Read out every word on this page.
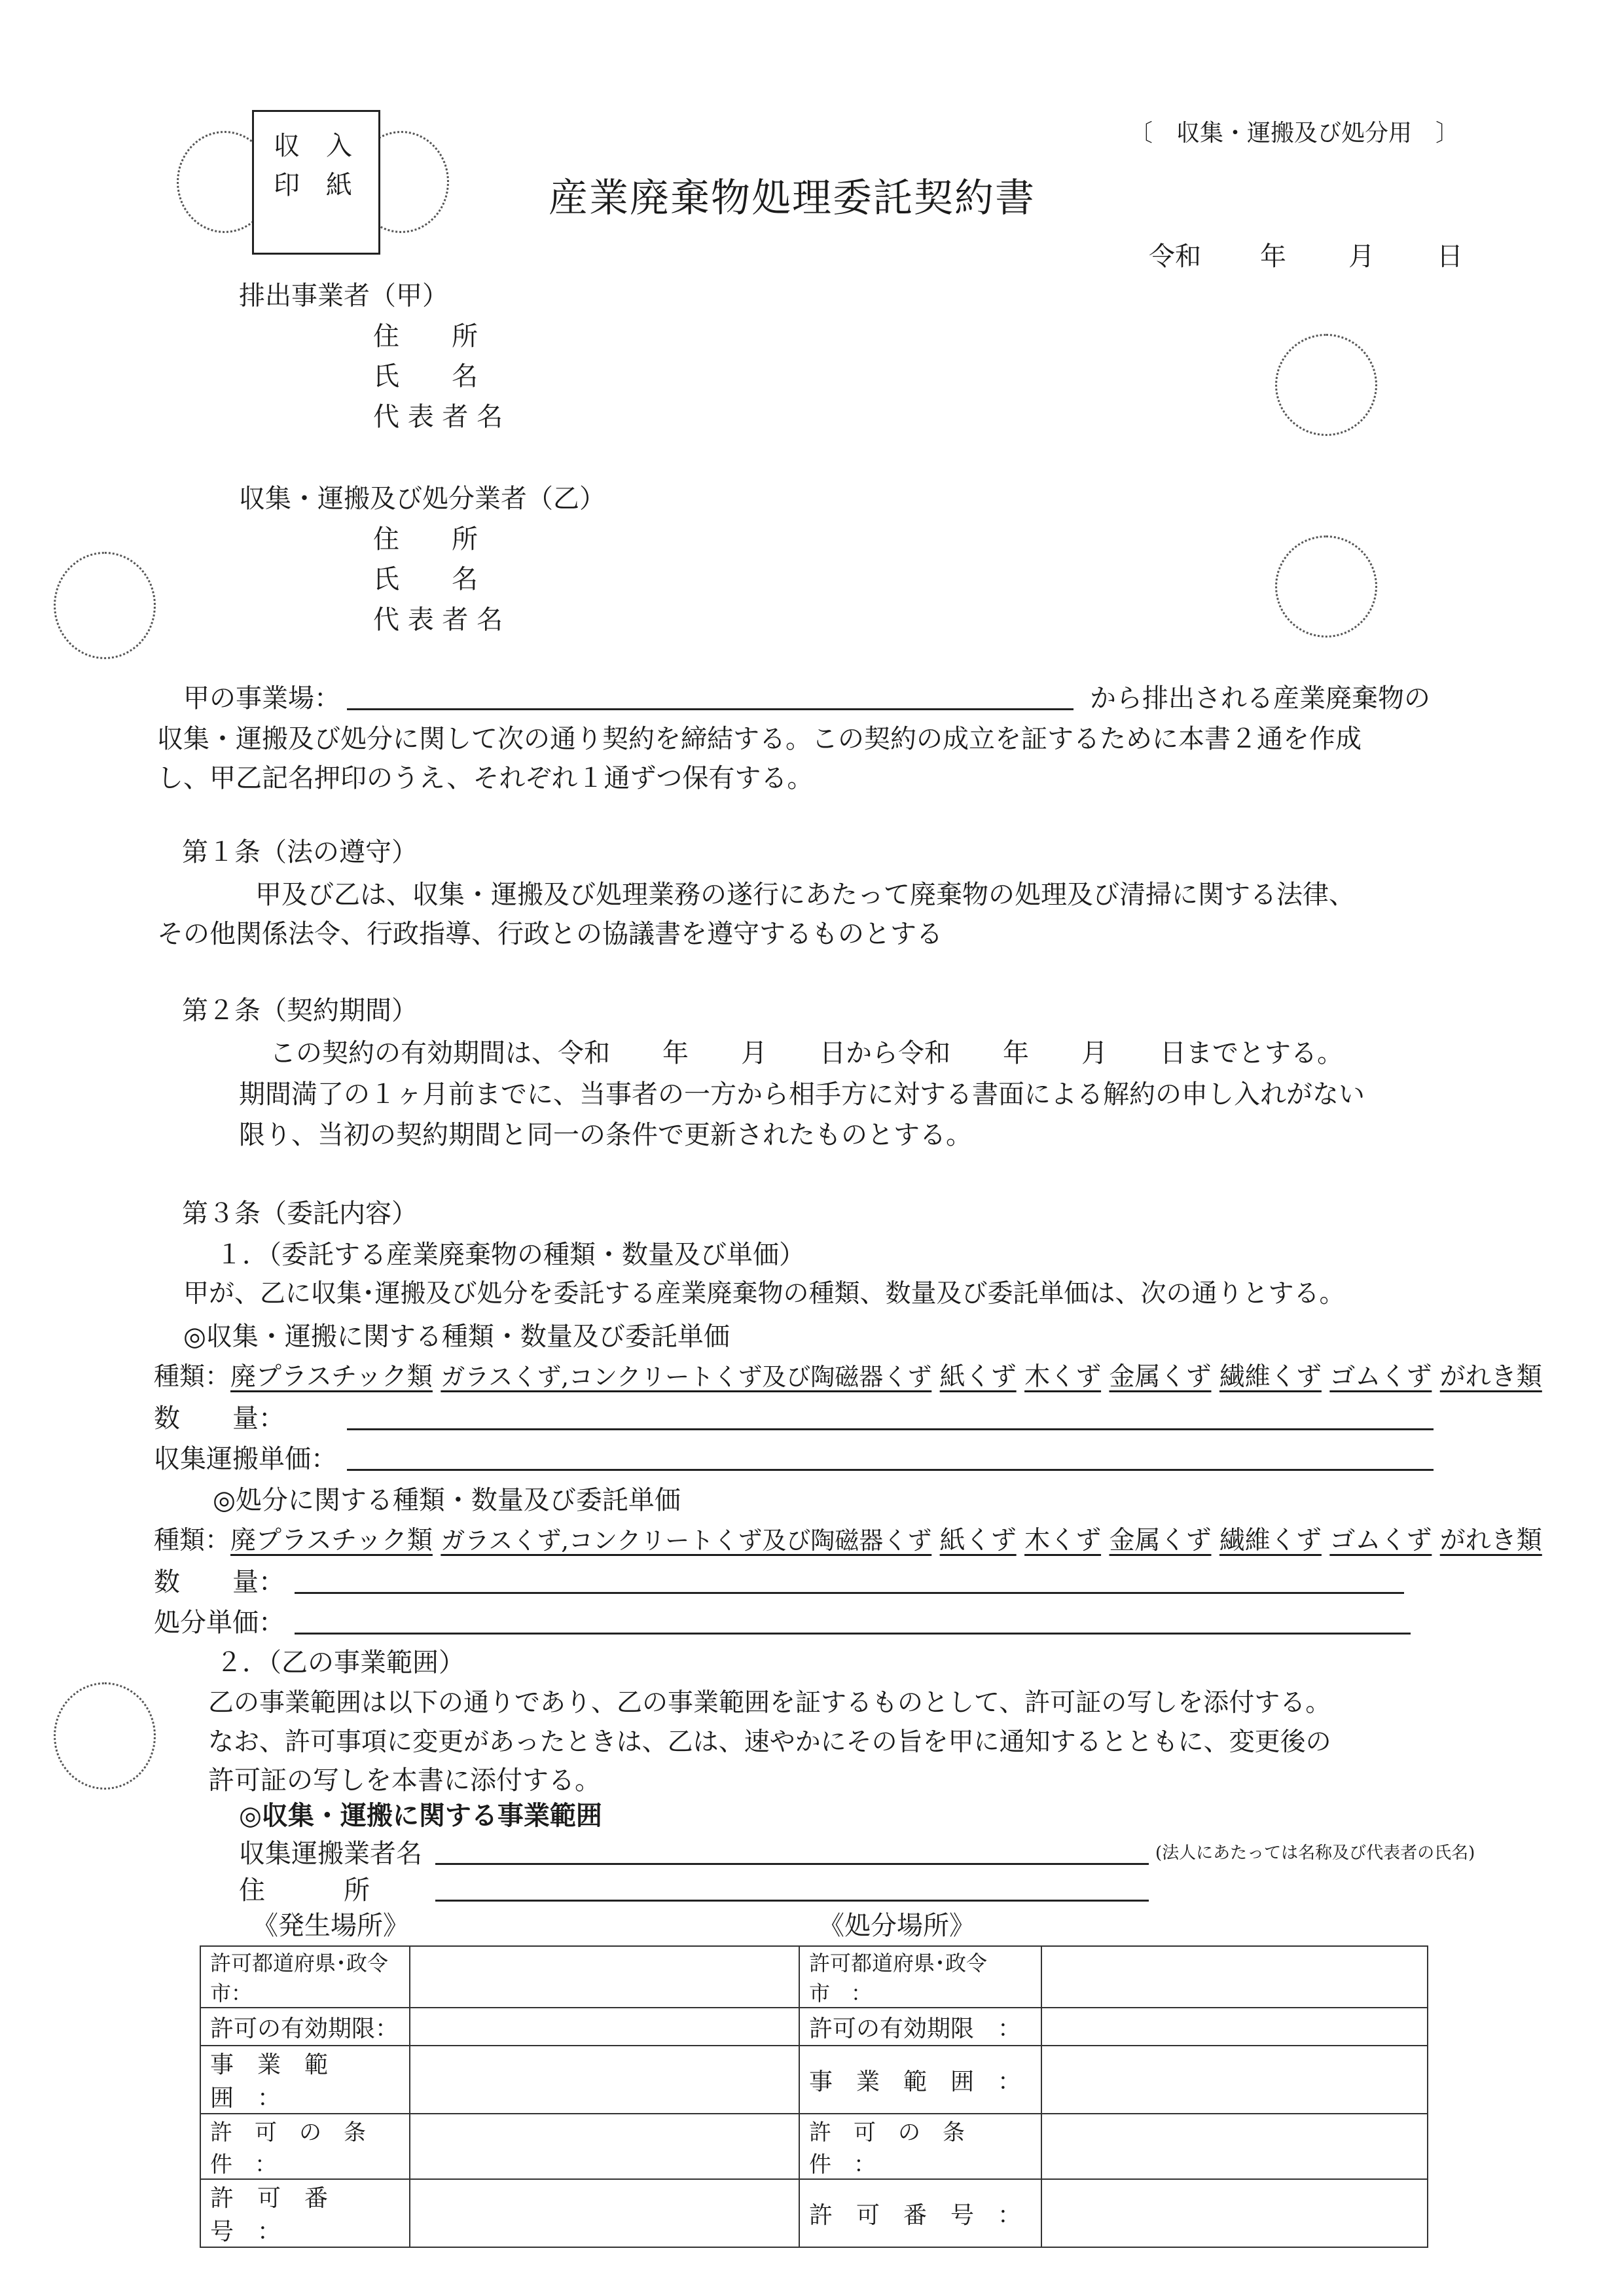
収　入
印　紙
〔　収集・運搬及び処分用　〕
産業廃棄物処理委託契約書
令和 年 月 日
排出事業者（甲）
住　　所
氏　　名
代 表 者 名
収集・運搬及び処分業者（乙）
住　　所
氏　　名
代 表 者 名
甲の事業場：	から排出される産業廃棄物の
収集・運搬及び処分に関して次の通り契約を締結する。この契約の成立を証するために本書２通を作成
し、甲乙記名押印のうえ、それぞれ１通ずつ保有する。
第１条（法の遵守）
甲及び乙は、収集・運搬及び処理業務の遂行にあたって廃棄物の処理及び清掃に関する法律、
その他関係法令、行政指導、行政との協議書を遵守するものとする
第２条（契約期間）
この契約の有効期間は、令和　　年　　月　　日から令和　　年　　月　　日までとする。
期間満了の１ヶ月前までに、当事者の一方から相手方に対する書面による解約の申し入れがない
限り、当初の契約期間と同一の条件で更新されたものとする。
第３条（委託内容）
１．（委託する産業廃棄物の種類・数量及び単価）
甲が、乙に収集･運搬及び処分を委託する産業廃棄物の種類、数量及び委託単価は、次の通りとする。
◎収集・運搬に関する種類・数量及び委託単価
種類：廃プラスチック類 ガラスくず,コンクリートくず及び陶磁器くず 紙くず 木くず 金属くず 繊維くず ゴムくず がれき類
数　　量：
収集運搬単価：
◎処分に関する種類・数量及び委託単価
種類：廃プラスチック類 ガラスくず,コンクリートくず及び陶磁器くず 紙くず 木くず 金属くず 繊維くず ゴムくず がれき類
数　　量：
処分単価：
２．（乙の事業範囲）
乙の事業範囲は以下の通りであり、乙の事業範囲を証するものとして、許可証の写しを添付する。
なお、許可事項に変更があったときは、乙は、速やかにその旨を甲に通知するとともに、変更後の
許可証の写しを本書に添付する。
◎収集・運搬に関する事業範囲
収集運搬業者名	(法人にあたっては名称及び代表者の氏名)
住　　　所
《発生場所》	《処分場所》
許可都道府県･政令市：		許可都道府県･政令市　：	
許可の有効期限：		許可の有効期限　：	
事　業　範　囲　：		事　業　範　囲　：	
許　可　の　条　件　：		許　可　の　条　件　：	
許　可　番　号　：		許　可　番　号　：	
